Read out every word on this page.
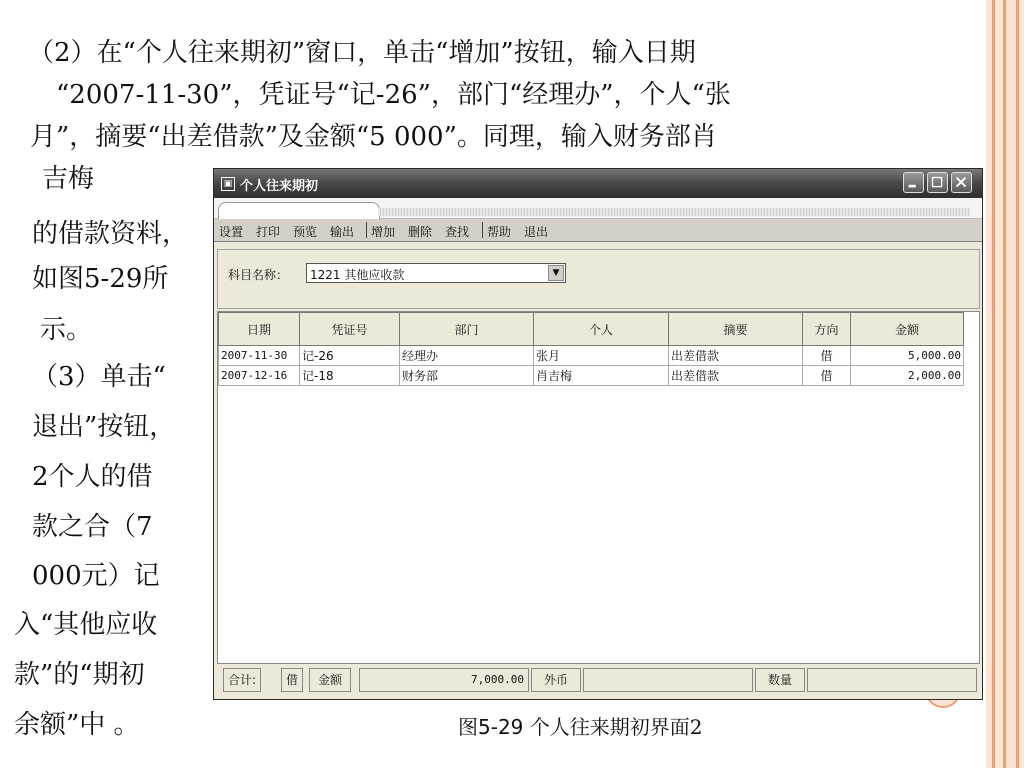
（2）在“个人往来期初”窗口，单击“增加”按钮，输入日期

“2007-11-30”，凭证号“记-26”，部门“经理办”，个人“张

月”，摘要“出差借款”及金额“5 000”。同理，输入财务部肖

吉梅

的借款资料，

如图5-29所

示。

（3）单击“

退出”按钮，

2个人的借

款之合（7

000元）记

入“其他应收

款”的“期初

余额”中 。

▣ 个人往来期初
设置 打印 预览 输出 增加 删除 查找 帮助 退出
科目名称： 1221 其他应收款	▼
日期	凭证号	部门	个人	摘要	方向	金额
2007-11-30	记-26	经理办	张月	出差借款	借	5,000.00
2007-12-16	记-18	财务部	肖吉梅	出差借款	借	2,000.00
合计:	借	金额	7,000.00	外币	数量
图5-29 个人往来期初界面2
